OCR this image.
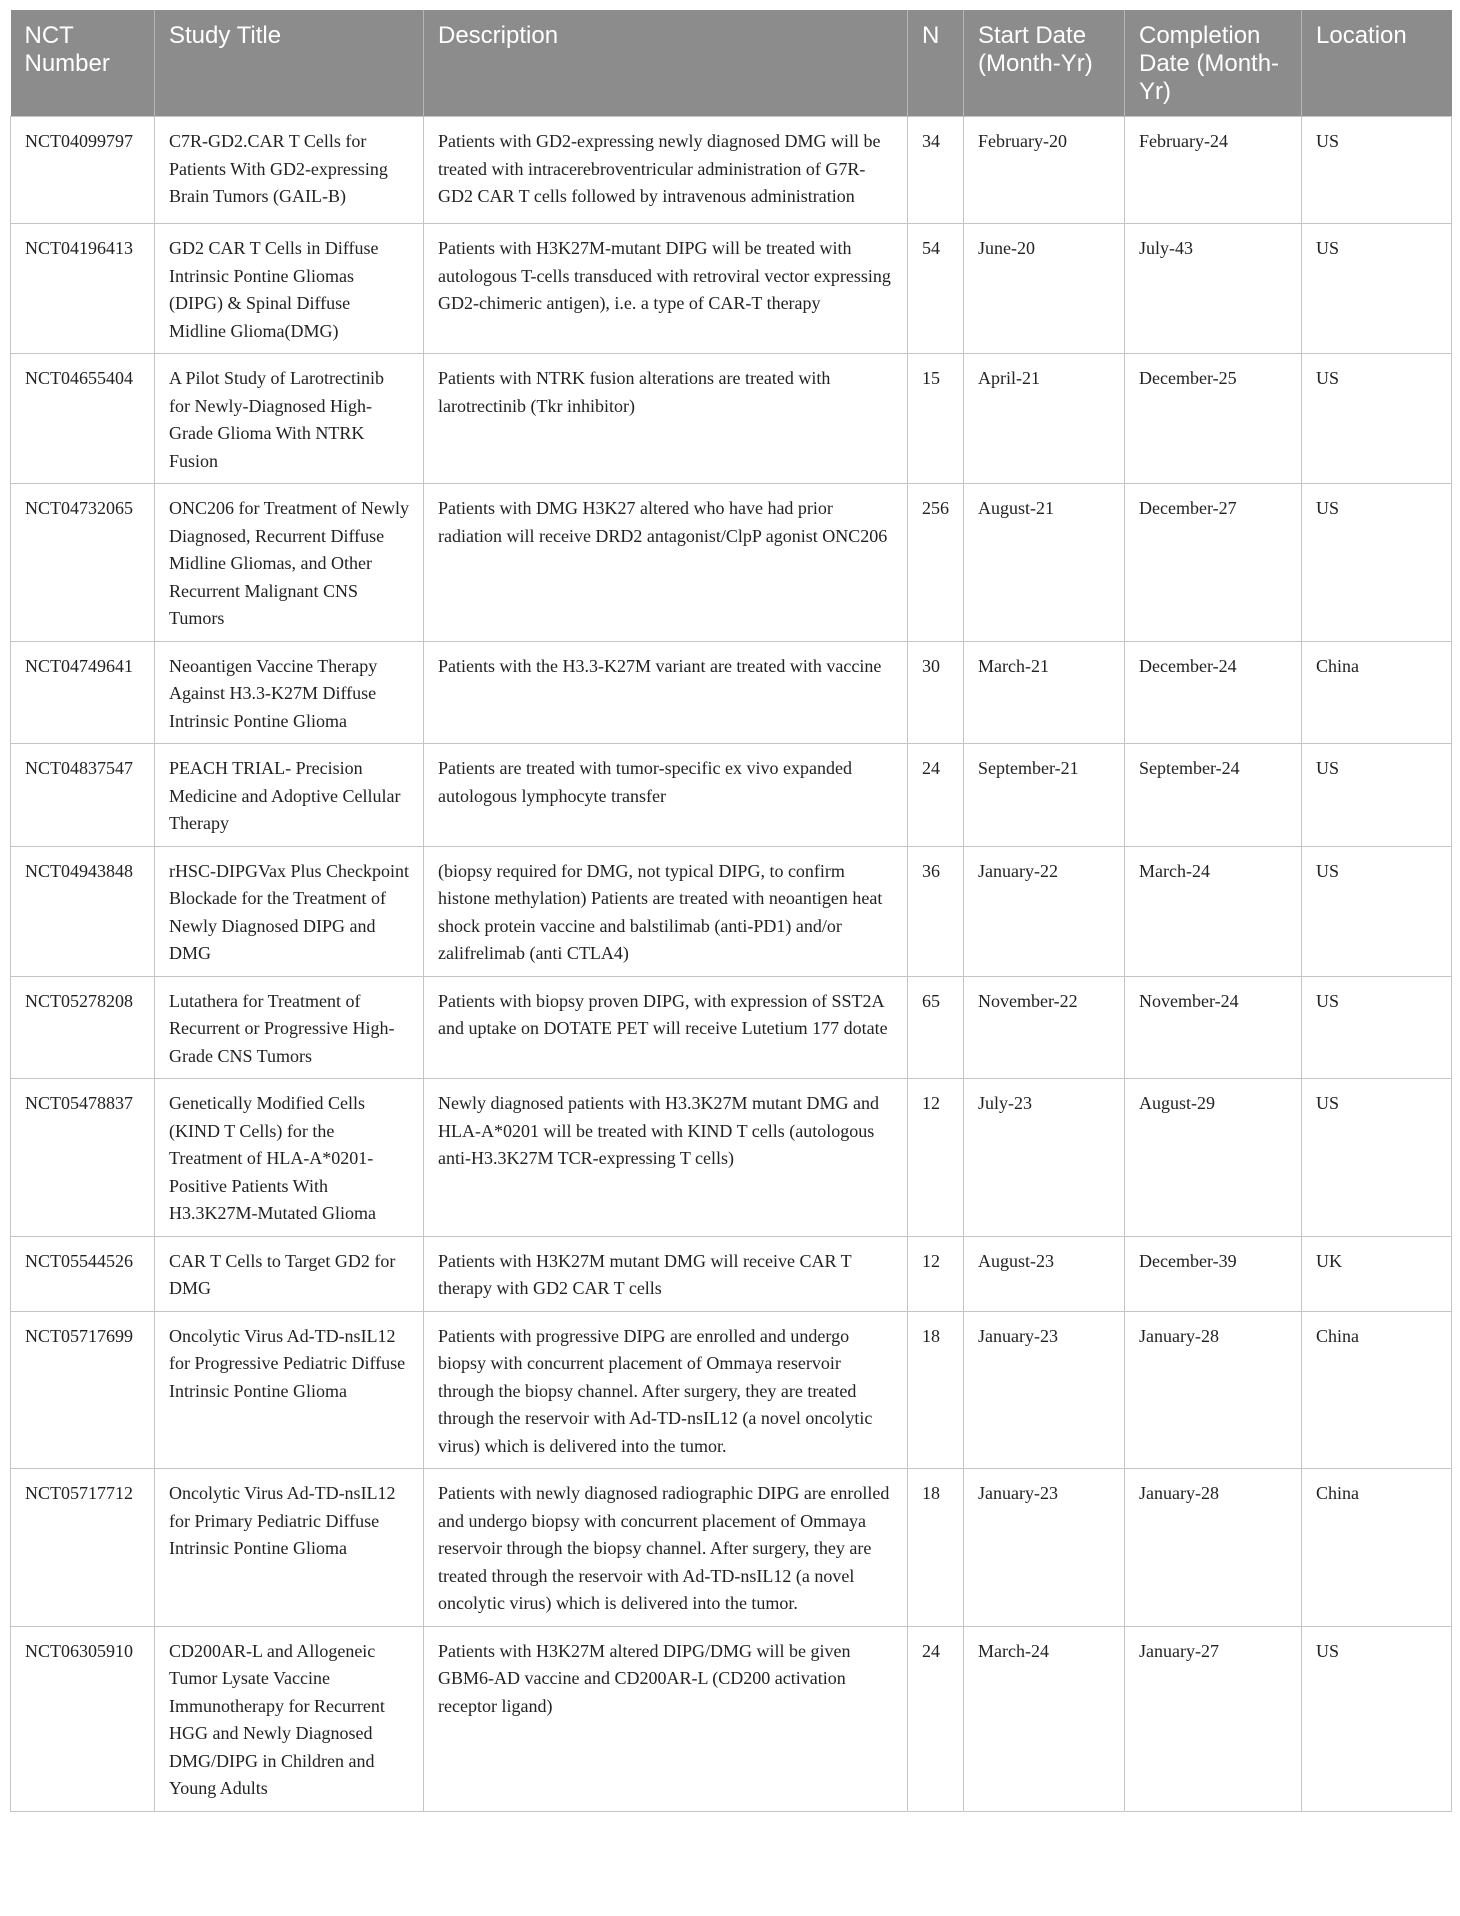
NCT Number	Study Title	Description	N	Start Date (Month-Yr)	Completion Date (Month-Yr)	Location
NCT04099797	C7R-GD2.CAR T Cells for Patients With GD2-expressing Brain Tumors (GAIL-B)	Patients with GD2-expressing newly diagnosed DMG will be treated with intracerebroventricular administration of G7R-GD2 CAR T cells followed by intravenous administration	34	February-20	February-24	US
NCT04196413	GD2 CAR T Cells in Diffuse Intrinsic Pontine Gliomas (DIPG) & Spinal Diffuse Midline Glioma(DMG)	Patients with H3K27M-mutant DIPG will be treated with autologous T-cells transduced with retroviral vector expressing GD2-chimeric antigen), i.e. a type of CAR-T therapy	54	June-20	July-43	US
NCT04655404	A Pilot Study of Larotrectinib for Newly-Diagnosed High-Grade Glioma With NTRK Fusion	Patients with NTRK fusion alterations are treated with larotrectinib (Tkr inhibitor)	15	April-21	December-25	US
NCT04732065	ONC206 for Treatment of Newly Diagnosed, Recurrent Diffuse Midline Gliomas, and Other Recurrent Malignant CNS Tumors	Patients with DMG H3K27 altered who have had prior radiation will receive DRD2 antagonist/ClpP agonist ONC206	256	August-21	December-27	US
NCT04749641	Neoantigen Vaccine Therapy Against H3.3-K27M Diffuse Intrinsic Pontine Glioma	Patients with the H3.3-K27M variant are treated with vaccine	30	March-21	December-24	China
NCT04837547	PEACH TRIAL- Precision Medicine and Adoptive Cellular Therapy	Patients are treated with tumor-specific ex vivo expanded autologous lymphocyte transfer	24	September-21	September-24	US
NCT04943848	rHSC-DIPGVax Plus Checkpoint Blockade for the Treatment of Newly Diagnosed DIPG and DMG	(biopsy required for DMG, not typical DIPG, to confirm histone methylation) Patients are treated with neoantigen heat shock protein vaccine and balstilimab (anti-PD1) and/or zalifrelimab (anti CTLA4)	36	January-22	March-24	US
NCT05278208	Lutathera for Treatment of Recurrent or Progressive High-Grade CNS Tumors	Patients with biopsy proven DIPG, with expression of SST2A and uptake on DOTATE PET will receive Lutetium 177 dotate	65	November-22	November-24	US
NCT05478837	Genetically Modified Cells (KIND T Cells) for the Treatment of HLA-A*0201-Positive Patients With H3.3K27M-Mutated Glioma	Newly diagnosed patients with H3.3K27M mutant DMG and HLA-A*0201 will be treated with KIND T cells (autologous anti-H3.3K27M TCR-expressing T cells)	12	July-23	August-29	US
NCT05544526	CAR T Cells to Target GD2 for DMG	Patients with H3K27M mutant DMG will receive CAR T therapy with GD2 CAR T cells	12	August-23	December-39	UK
NCT05717699	Oncolytic Virus Ad-TD-nsIL12 for Progressive Pediatric Diffuse Intrinsic Pontine Glioma	Patients with progressive DIPG are enrolled and undergo biopsy with concurrent placement of Ommaya reservoir through the biopsy channel. After surgery, they are treated through the reservoir with Ad-TD-nsIL12 (a novel oncolytic virus) which is delivered into the tumor.	18	January-23	January-28	China
NCT05717712	Oncolytic Virus Ad-TD-nsIL12 for Primary Pediatric Diffuse Intrinsic Pontine Glioma	Patients with newly diagnosed radiographic DIPG are enrolled and undergo biopsy with concurrent placement of Ommaya reservoir through the biopsy channel. After surgery, they are treated through the reservoir with Ad-TD-nsIL12 (a novel oncolytic virus) which is delivered into the tumor.	18	January-23	January-28	China
NCT06305910	CD200AR-L and Allogeneic Tumor Lysate Vaccine Immunotherapy for Recurrent HGG and Newly Diagnosed DMG/DIPG in Children and Young Adults	Patients with H3K27M altered DIPG/DMG will be given GBM6-AD vaccine and CD200AR-L (CD200 activation receptor ligand)	24	March-24	January-27	US
